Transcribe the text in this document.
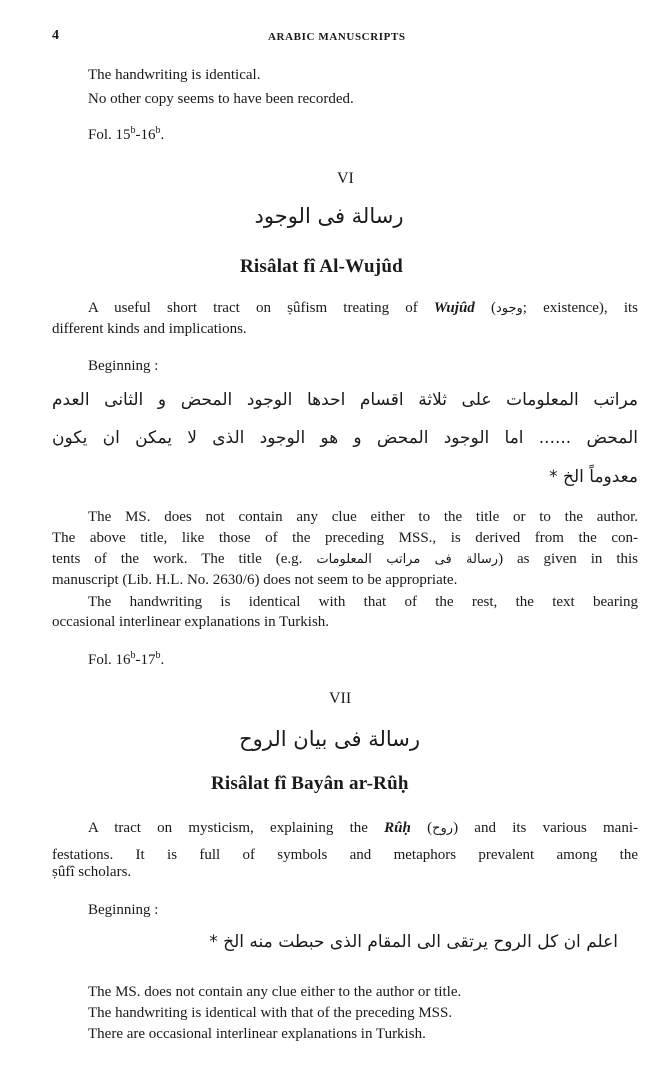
4	ARABIC MANUSCRIPTS
The handwriting is identical.
No other copy seems to have been recorded.
Fol. 15$^b$-16$^b$.
VI
رسالة فى الوجود
Risâlat fî Al-Wujûd
A useful short tract on ṣûfism treating of Wujûd (وجود; existence), its
different kinds and implications.
Beginning :
مراتب المعلومات على ثلاثة اقسام احدها الوجود المحض و الثانى العدم
المحض ...... اما الوجود المحض و هو الوجود الذى لا يمكن ان يكون
معدوماً الخ *
The MS. does not contain any clue either to the title or to the author.
The above title, like those of the preceding MSS., is derived from the con-
tents of the work. The title (e.g. رسالة فى مراتب المعلومات) as given in this
manuscript (Lib. H.L. No. 2630/6) does not seem to be appropriate.
The handwriting is identical with that of the rest, the text bearing
occasional interlinear explanations in Turkish.
Fol. 16$^b$-17$^b$.
VII
رسالة فى بيان الروح
Risâlat fî Bayân ar-Rûḥ
A tract on mysticism, explaining the Rûḥ (روح) and its various mani-
festations. It is full of symbols and metaphors prevalent among the
ṣûfî scholars.
Beginning :
اعلم ان كل الروح يرتقى الى المقام الذى حبطت منه الخ *
The MS. does not contain any clue either to the author or title.
The handwriting is identical with that of the preceding MSS.
There are occasional interlinear explanations in Turkish.
